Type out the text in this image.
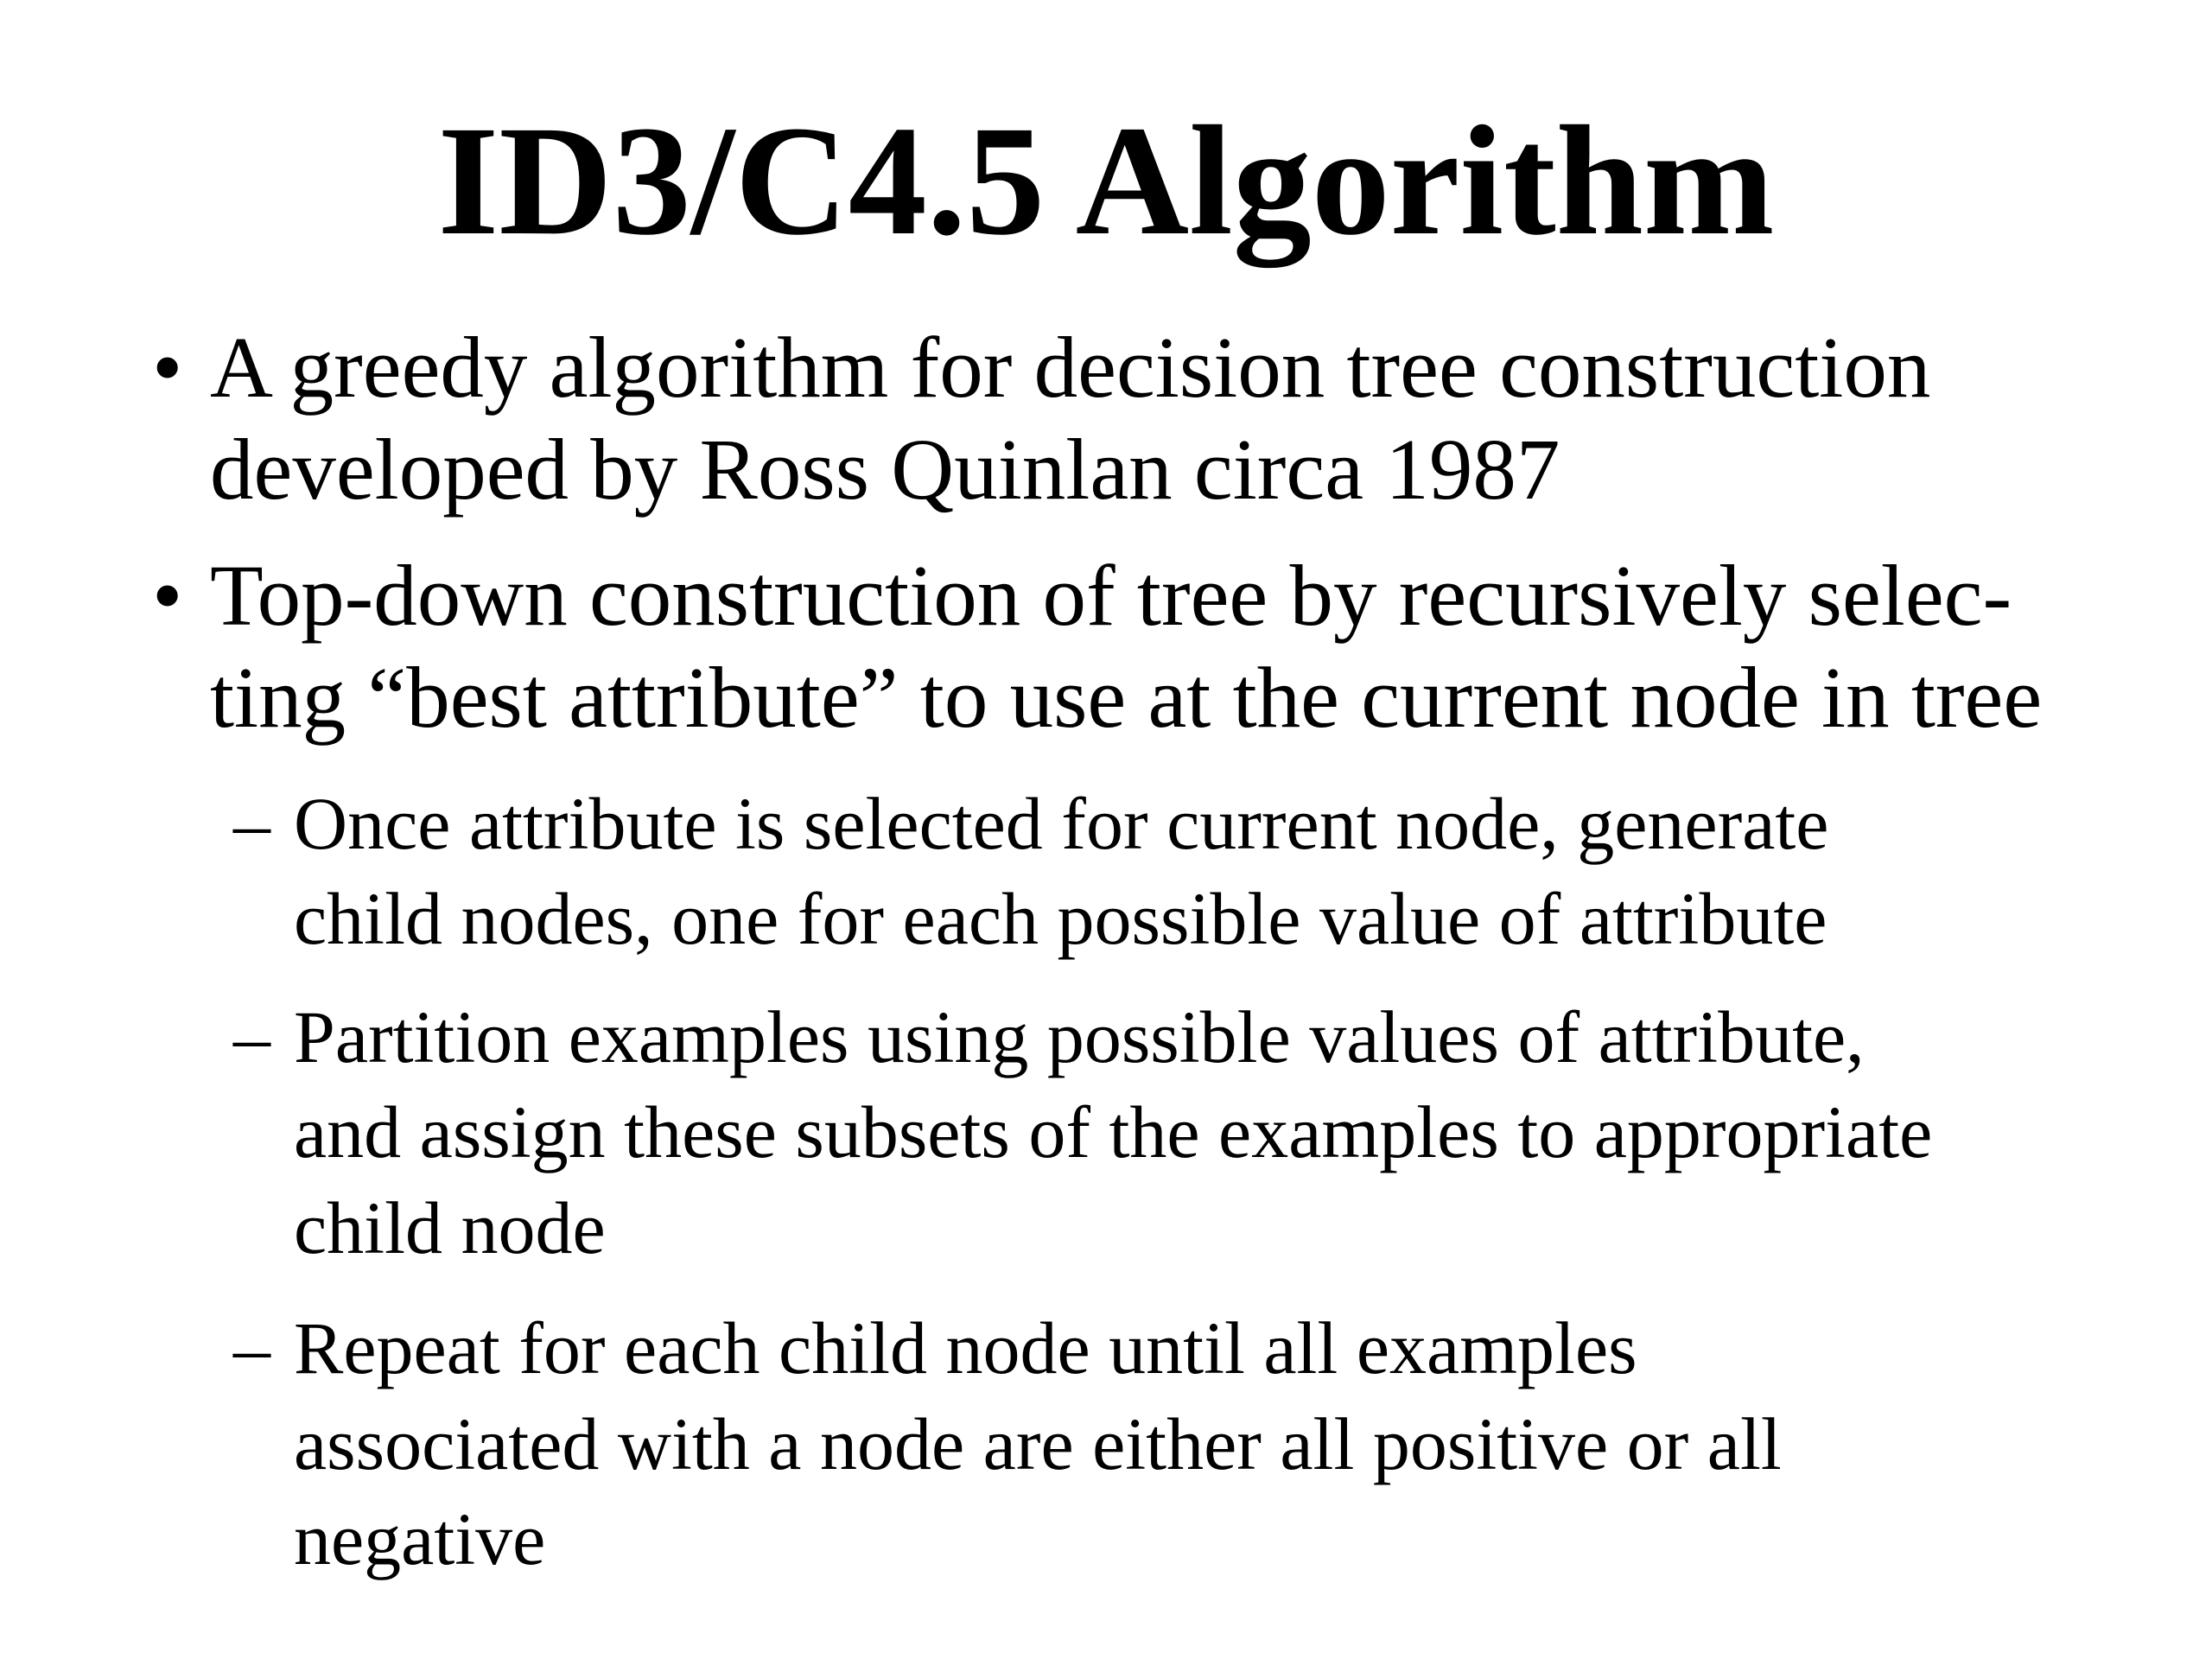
ID3/C4.5 Algorithm
• A greedy algorithm for decision tree construction
developed by Ross Quinlan circa 1987
• Top-down construction of tree by recursively selec-
ting “best attribute” to use at the current node in tree
– Once attribute is selected for current node, generate
child nodes, one for each possible value of attribute
– Partition examples using possible values of attribute,
and assign these subsets of the examples to appropriate
child node
– Repeat for each child node until all examples
associated with a node are either all positive or all
negative
